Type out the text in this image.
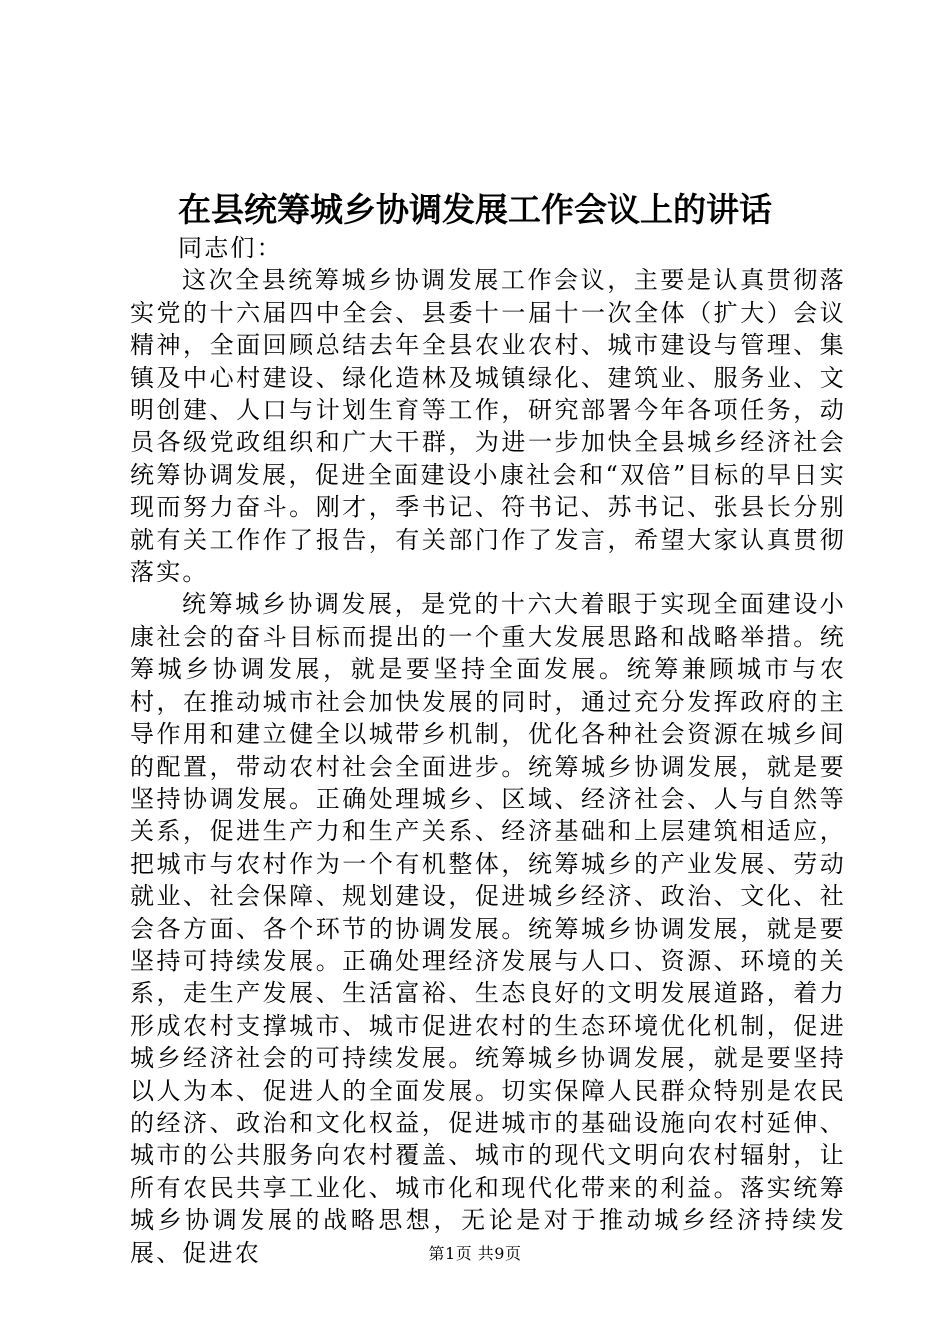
在县统筹城乡协调发展工作会议上的讲话

同志们：

这次全县统筹城乡协调发展工作会议，主要是认真贯彻落实党的十六届四中全会、县委十一届十一次全体（扩大）会议精神，全面回顾总结去年全县农业农村、城市建设与管理、集镇及中心村建设、绿化造林及城镇绿化、建筑业、服务业、文明创建、人口与计划生育等工作，研究部署今年各项任务，动员各级党政组织和广大干群，为进一步加快全县城乡经济社会统筹协调发展，促进全面建设小康社会和“双倍”目标的早日实现而努力奋斗。刚才，季书记、符书记、苏书记、张县长分别就有关工作作了报告，有关部门作了发言，希望大家认真贯彻落实。

统筹城乡协调发展，是党的十六大着眼于实现全面建设小康社会的奋斗目标而提出的一个重大发展思路和战略举措。统筹城乡协调发展，就是要坚持全面发展。统筹兼顾城市与农村，在推动城市社会加快发展的同时，通过充分发挥政府的主导作用和建立健全以城带乡机制，优化各种社会资源在城乡间的配置，带动农村社会全面进步。统筹城乡协调发展，就是要坚持协调发展。正确处理城乡、区域、经济社会、人与自然等关系，促进生产力和生产关系、经济基础和上层建筑相适应，把城市与农村作为一个有机整体，统筹城乡的产业发展、劳动就业、社会保障、规划建设，促进城乡经济、政治、文化、社会各方面、各个环节的协调发展。统筹城乡协调发展，就是要坚持可持续发展。正确处理经济发展与人口、资源、环境的关系，走生产发展、生活富裕、生态良好的文明发展道路，着力形成农村支撑城市、城市促进农村的生态环境优化机制，促进城乡经济社会的可持续发展。统筹城乡协调发展，就是要坚持以人为本、促进人的全面发展。切实保障人民群众特别是农民的经济、政治和文化权益，促进城市的基础设施向农村延伸、城市的公共服务向农村覆盖、城市的现代文明向农村辐射，让所有农民共享工业化、城市化和现代化带来的利益。落实统筹城乡协调发展的战略思想，无论是对于推动城乡经济持续发展、促进农	第1页 共9页
